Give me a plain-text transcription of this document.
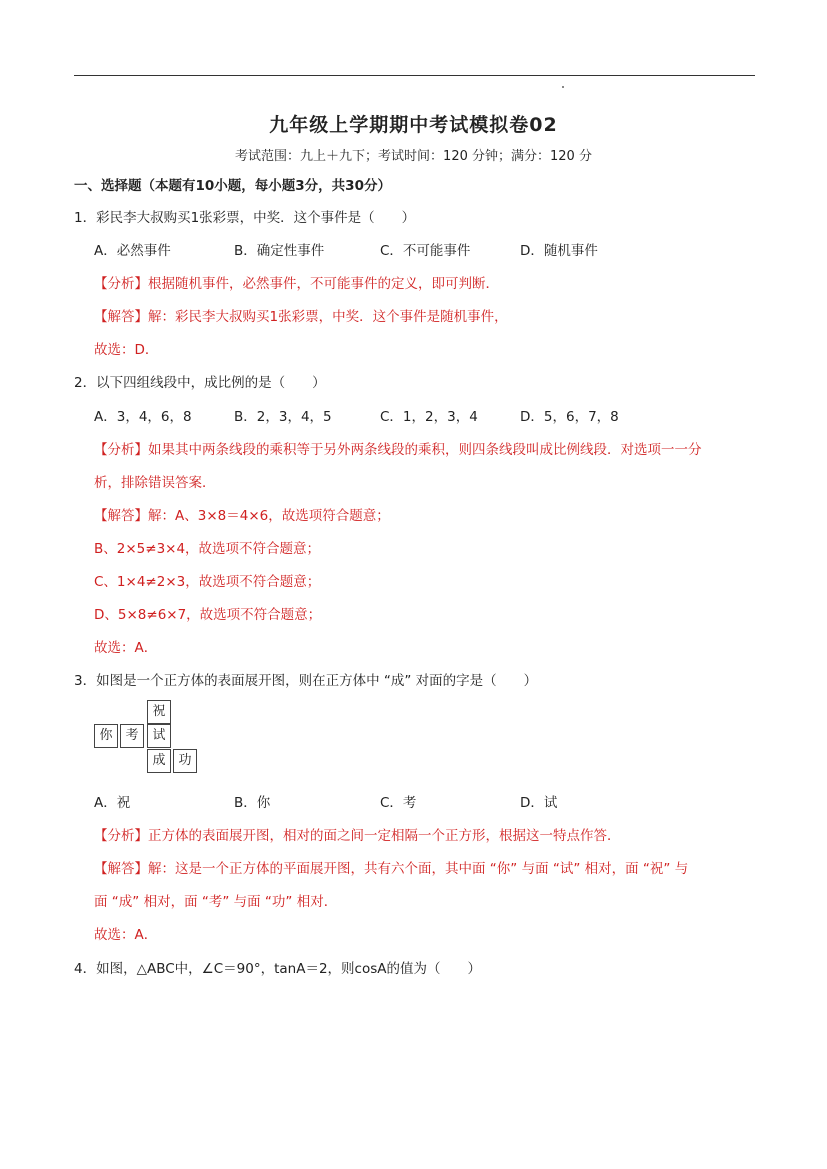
九年级上学期期中考试模拟卷02
考试范围：九上＋九下；考试时间：120 分钟；满分：120 分
一、选择题（本题有10小题，每小题3分，共30分）
1．彩民李大叔购买1张彩票，中奖．这个事件是（　　）
A．必然事件	B．确定性事件	C．不可能事件	D．随机事件
【分析】根据随机事件，必然事件，不可能事件的定义，即可判断．
【解答】解：彩民李大叔购买1张彩票，中奖．这个事件是随机事件，
故选：D．
2．以下四组线段中，成比例的是（　　）
A．3，4，6，8	B．2，3，4，5	C．1，2，3，4	D．5，6，7，8
【分析】如果其中两条线段的乘积等于另外两条线段的乘积，则四条线段叫成比例线段．对选项一一分
析，排除错误答案．
【解答】解：A、3×8＝4×6，故选项符合题意；
B、2×5≠3×4，故选项不符合题意；
C、1×4≠2×3，故选项不符合题意；
D、5×8≠6×7，故选项不符合题意；
故选：A．
3．如图是一个正方体的表面展开图，则在正方体中 “成” 对面的字是（　　）
祝
你 考	试
成 功
A．祝	B．你	C．考	D．试
【分析】正方体的表面展开图，相对的面之间一定相隔一个正方形，根据这一特点作答．
【解答】解：这是一个正方体的平面展开图，共有六个面，其中面 “你” 与面 “试” 相对，面 “祝” 与
面 “成” 相对，面 “考” 与面 “功” 相对．
故选：A．
4．如图，△ABC中，∠C＝90°，tanA＝2，则cosA的值为（　　）
